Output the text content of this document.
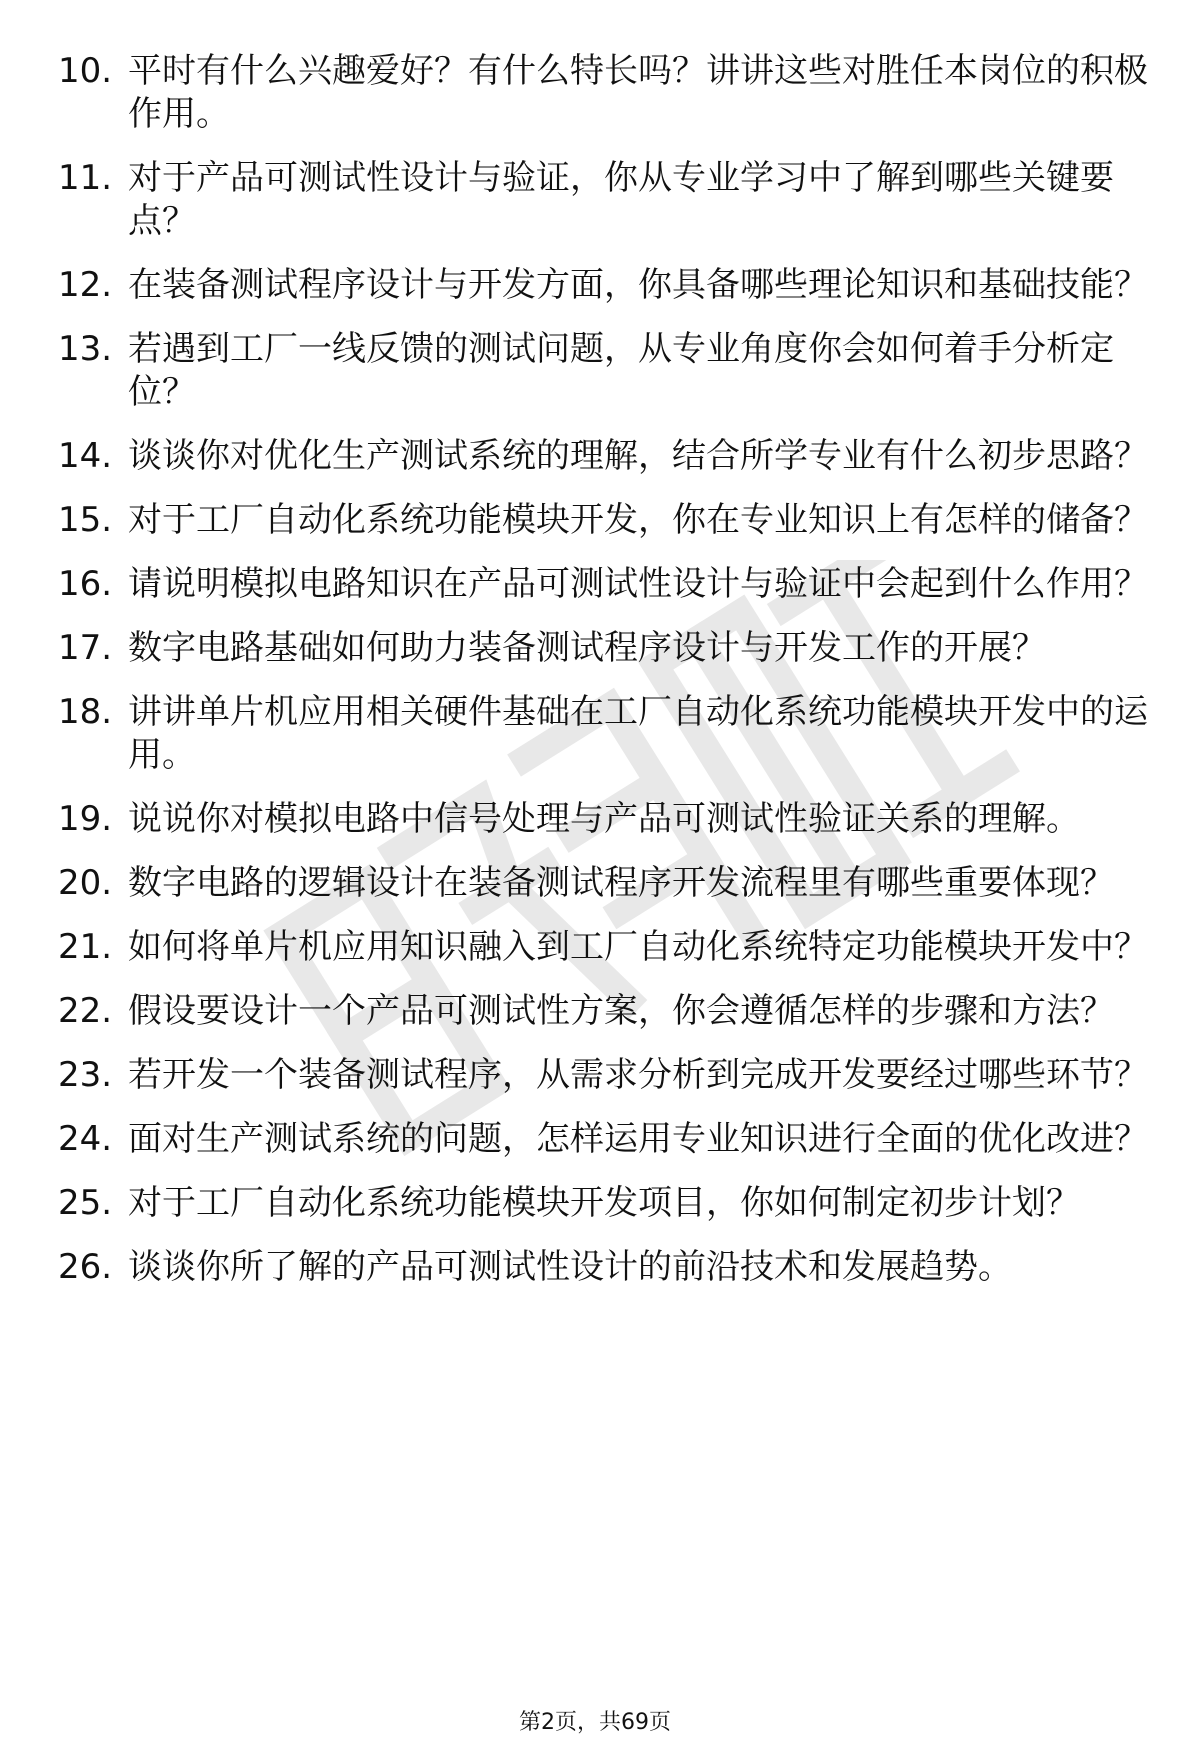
10. 平时有什么兴趣爱好？有什么特长吗？讲讲这些对胜任本岗位的积极作用。
11. 对于产品可测试性设计与验证，你从专业学习中了解到哪些关键要点？
12. 在装备测试程序设计与开发方面，你具备哪些理论知识和基础技能？
13. 若遇到工厂一线反馈的测试问题，从专业角度你会如何着手分析定位？
14. 谈谈你对优化生产测试系统的理解，结合所学专业有什么初步思路？
15. 对于工厂自动化系统功能模块开发，你在专业知识上有怎样的储备？
16. 请说明模拟电路知识在产品可测试性设计与验证中会起到什么作用？
17. 数字电路基础如何助力装备测试程序设计与开发工作的开展？
18. 讲讲单片机应用相关硬件基础在工厂自动化系统功能模块开发中的运用。
19. 说说你对模拟电路中信号处理与产品可测试性验证关系的理解。
20. 数字电路的逻辑设计在装备测试程序开发流程里有哪些重要体现？
21. 如何将单片机应用知识融入到工厂自动化系统特定功能模块开发中？
22. 假设要设计一个产品可测试性方案，你会遵循怎样的步骤和方法？
23. 若开发一个装备测试程序，从需求分析到完成开发要经过哪些环节？
24. 面对生产测试系统的问题，怎样运用专业知识进行全面的优化改进？
25. 对于工厂自动化系统功能模块开发项目，你如何制定初步计划？
26. 谈谈你所了解的产品可测试性设计的前沿技术和发展趋势。
第2页，共69页
